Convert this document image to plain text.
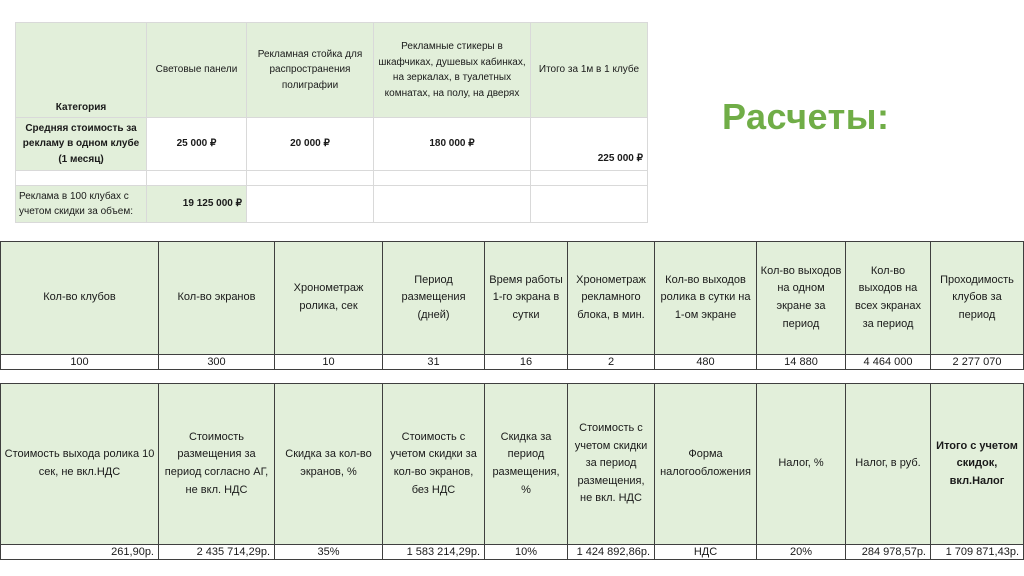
Категория	Световые панели	Рекламная стойка для распространения полиграфии	Рекламные стикеры в шкафчиках, душевых кабинках, на зеркалах, в туалетных комнатах, на полу, на дверях	Итого за 1м в 1 клубе
Средняя стоимость за рекламу в одном клубе (1 месяц)	25 000 ₽	20 000 ₽	180 000 ₽	225 000 ₽

Реклама в 100 клубах с учетом скидки за объем:	19 125 000 ₽			
Расчеты:
Кол-во клубов	Кол-во экранов	Хронометраж ролика, сек	Период размещения (дней)	Время работы 1-го экрана в сутки	Хронометраж рекламного блока, в мин.	Кол-во выходов ролика в сутки на 1-ом экране	Кол-во выходов на одном экране за период	Кол-во выходов на всех экранах за период	Проходимость клубов за период
100	300	10	31	16	2	480	14 880	4 464 000	2 277 070
Стоимость выхода ролика 10 сек, не вкл.НДС	Стоимость размещения за период согласно АГ, не вкл. НДС	Скидка за кол-во экранов, %	Стоимость с учетом скидки за кол-во экранов, без НДС	Скидка за период размещения, %	Стоимость с учетом скидки за период размещения, не вкл. НДС	Форма налогообложения	Налог, %	Налог, в руб.	Итого с учетом скидок, вкл.Налог
261,90р.	2 435 714,29р.	35%	1 583 214,29р.	10%	1 424 892,86р.	НДС	20%	284 978,57р.	1 709 871,43р.
